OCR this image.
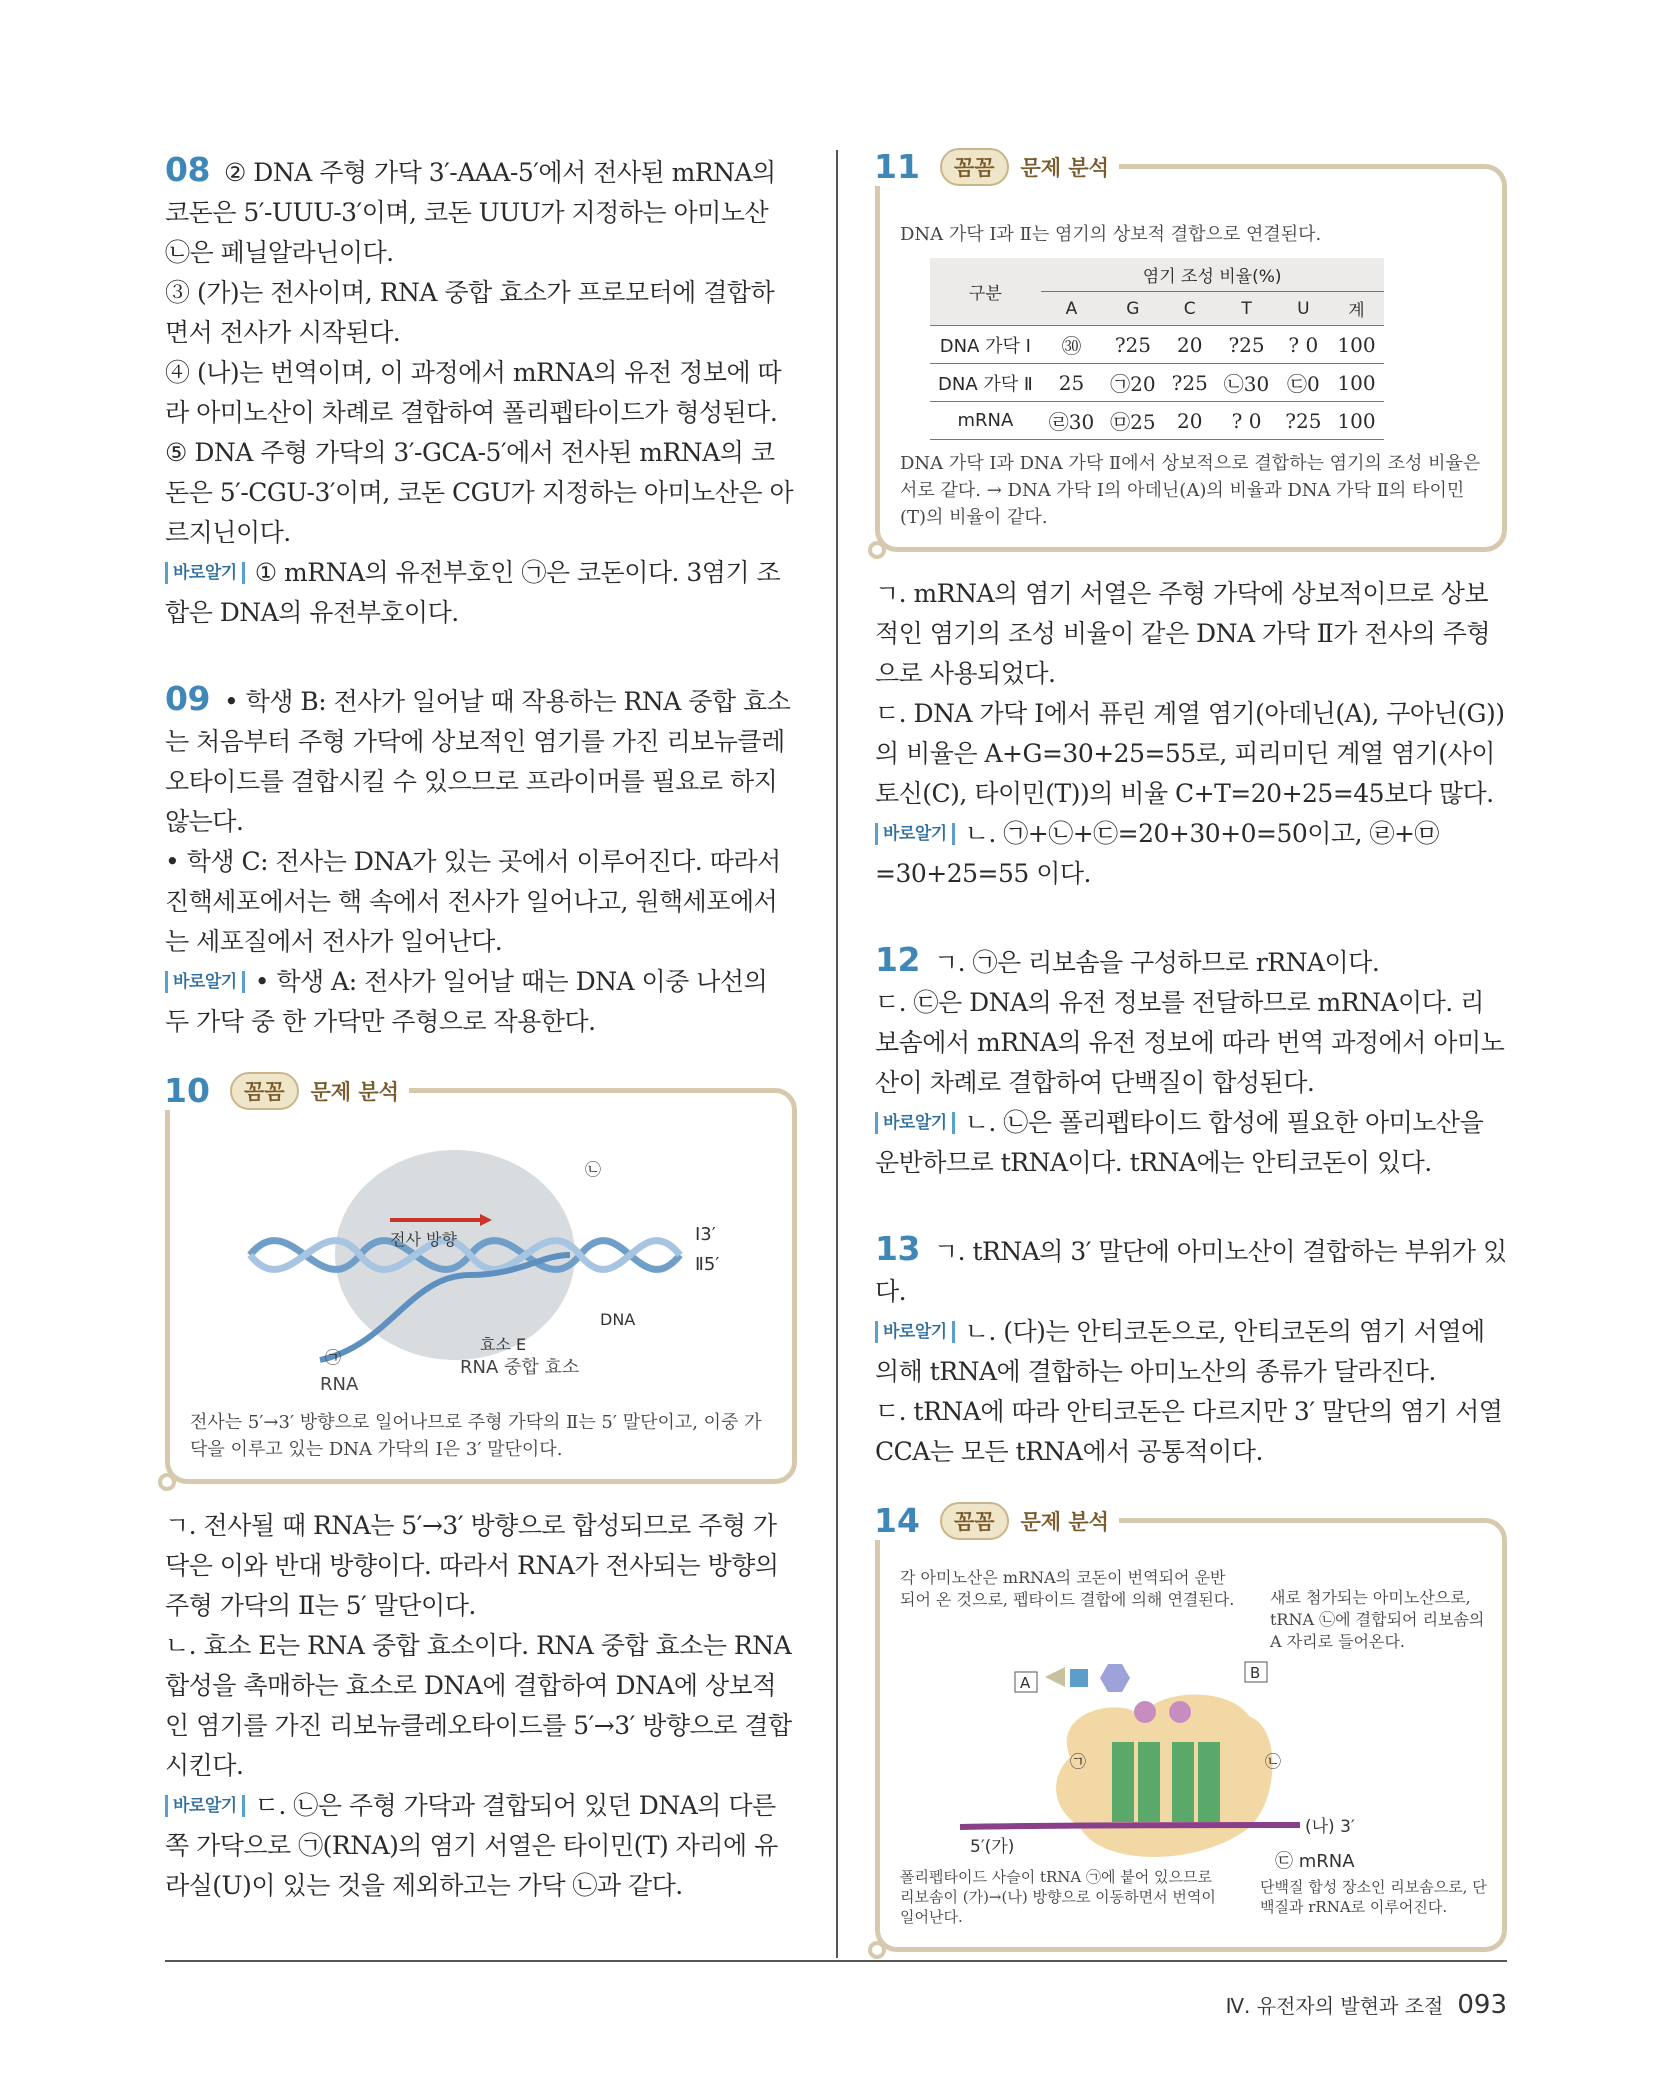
08 ② DNA 주형 가닥 3′-AAA-5′에서 전사된 mRNA의 코돈은 5′-UUU-3′이며, 코돈 UUU가 지정하는 아미노산 ㉡은 페닐알라닌이다.

③ (가)는 전사이며, RNA 중합 효소가 프로모터에 결합하면서 전사가 시작된다.

④ (나)는 번역이며, 이 과정에서 mRNA의 유전 정보에 따라 아미노산이 차례로 결합하여 폴리펩타이드가 형성된다.

⑤ DNA 주형 가닥의 3′-GCA-5′에서 전사된 mRNA의 코돈은 5′-CGU-3′이며, 코돈 CGU가 지정하는 아미노산은 아르지닌이다.

바로알기 ① mRNA의 유전부호인 ㉠은 코돈이다. 3염기 조합은 DNA의 유전부호이다.

09 • 학생 B: 전사가 일어날 때 작용하는 RNA 중합 효소는 처음부터 주형 가닥에 상보적인 염기를 가진 리보뉴클레오타이드를 결합시킬 수 있으므로 프라이머를 필요로 하지 않는다.

• 학생 C: 전사는 DNA가 있는 곳에서 이루어진다. 따라서 진핵세포에서는 핵 속에서 전사가 일어나고, 원핵세포에서는 세포질에서 전사가 일어난다.

바로알기 • 학생 A: 전사가 일어날 때는 DNA 이중 나선의 두 가닥 중 한 가닥만 주형으로 작용한다.

10	꼼꼼	문제 분석
전사 방향
㉡
Ⅰ3′
Ⅱ5′
DNA
효소 E
RNA 중합 효소
㉠
RNA

전사는 5′→3′ 방향으로 일어나므로 주형 가닥의 Ⅱ는 5′ 말단이고, 이중 가닥을 이루고 있는 DNA 가닥의 Ⅰ은 3′ 말단이다.

ㄱ. 전사될 때 RNA는 5′→3′ 방향으로 합성되므로 주형 가닥은 이와 반대 방향이다. 따라서 RNA가 전사되는 방향의 주형 가닥의 Ⅱ는 5′ 말단이다.

ㄴ. 효소 E는 RNA 중합 효소이다. RNA 중합 효소는 RNA 합성을 촉매하는 효소로 DNA에 결합하여 DNA에 상보적인 염기를 가진 리보뉴클레오타이드를 5′→3′ 방향으로 결합시킨다.

바로알기 ㄷ. ㉡은 주형 가닥과 결합되어 있던 DNA의 다른 쪽 가닥으로 ㉠(RNA)의 염기 서열은 타이민(T) 자리에 유라실(U)이 있는 것을 제외하고는 가닥 ㉡과 같다.

11	꼼꼼	문제 분석

DNA 가닥 Ⅰ과 Ⅱ는 염기의 상보적 결합으로 연결된다.

구분	염기 조성 비율(%)					
	A	G	C	T	U	계
DNA 가닥 Ⅰ	㉚	?25	20	?25	? 0	100
DNA 가닥 Ⅱ	25	㉠20	?25	㉡30	㉢0	100
mRNA	㉣30	㉤25	20	? 0	?25	100

DNA 가닥 Ⅰ과 DNA 가닥 Ⅱ에서 상보적으로 결합하는 염기의 조성 비율은 서로 같다. → DNA 가닥 Ⅰ의 아데닌(A)의 비율과 DNA 가닥 Ⅱ의 타이민(T)의 비율이 같다.

ㄱ. mRNA의 염기 서열은 주형 가닥에 상보적이므로 상보적인 염기의 조성 비율이 같은 DNA 가닥 Ⅱ가 전사의 주형으로 사용되었다.

ㄷ. DNA 가닥 Ⅰ에서 퓨린 계열 염기(아데닌(A), 구아닌(G))의 비율은 A+G=30+25=55로, 피리미딘 계열 염기(사이토신(C), 타이민(T))의 비율 C+T=20+25=45보다 많다.

바로알기 ㄴ. ㉠+㉡+㉢=20+30+0=50이고, ㉣+㉤=30+25=55 이다.

12 ㄱ. ㉠은 리보솜을 구성하므로 rRNA이다.

ㄷ. ㉢은 DNA의 유전 정보를 전달하므로 mRNA이다. 리보솜에서 mRNA의 유전 정보에 따라 번역 과정에서 아미노산이 차례로 결합하여 단백질이 합성된다.

바로알기 ㄴ. ㉡은 폴리펩타이드 합성에 필요한 아미노산을 운반하므로 tRNA이다. tRNA에는 안티코돈이 있다.

13 ㄱ. tRNA의 3′ 말단에 아미노산이 결합하는 부위가 있다.

바로알기 ㄴ. (다)는 안티코돈으로, 안티코돈의 염기 서열에 의해 tRNA에 결합하는 아미노산의 종류가 달라진다.

ㄷ. tRNA에 따라 안티코돈은 다르지만 3′ 말단의 염기 서열 CCA는 모든 tRNA에서 공통적이다.

14	꼼꼼	문제 분석
각 아미노산은 mRNA의 코돈이 번역되어 운반되어 온 것으로, 펩타이드 결합에 의해 연결된다.	새로 첨가되는 아미노산으로, tRNA ㉡에 결합되어 리보솜의 A 자리로 들어온다.
A
B
㉠	㉡
(나) 3′
5′(가)
㉢ mRNA
폴리펩타이드 사슬이 tRNA ㉠에 붙어 있으므로 리보솜이 (가)→(나) 방향으로 이동하면서 번역이 일어난다.
단백질 합성 장소인 리보솜으로, 단백질과 rRNA로 이루어진다.
Ⅳ. 유전자의 발현과 조절 093
